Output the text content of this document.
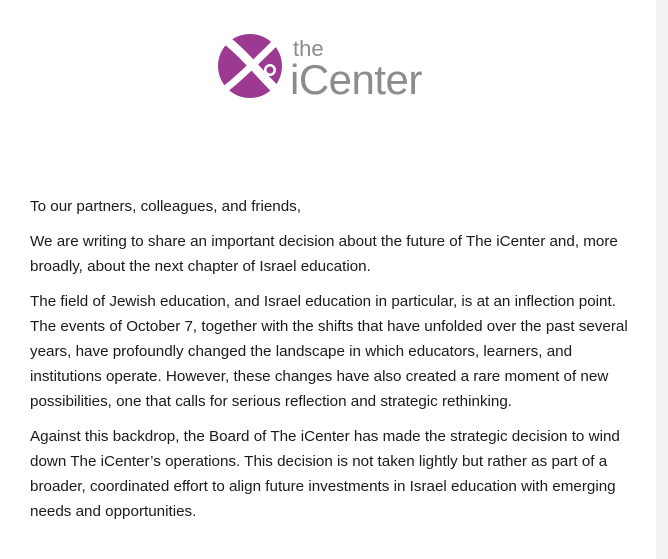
the
iCenter

To our partners, colleagues, and friends,

We are writing to share an important decision about the future of The iCenter and, more broadly, about the next chapter of Israel education.

The field of Jewish education, and Israel education in particular, is at an inflection point. The events of October 7, together with the shifts that have unfolded over the past several years, have profoundly changed the landscape in which educators, learners, and institutions operate. However, these changes have also created a rare moment of new possibilities, one that calls for serious reflection and strategic rethinking.

Against this backdrop, the Board of The iCenter has made the strategic decision to wind down The iCenter’s operations. This decision is not taken lightly but rather as part of a broader, coordinated effort to align future investments in Israel education with emerging needs and opportunities.
